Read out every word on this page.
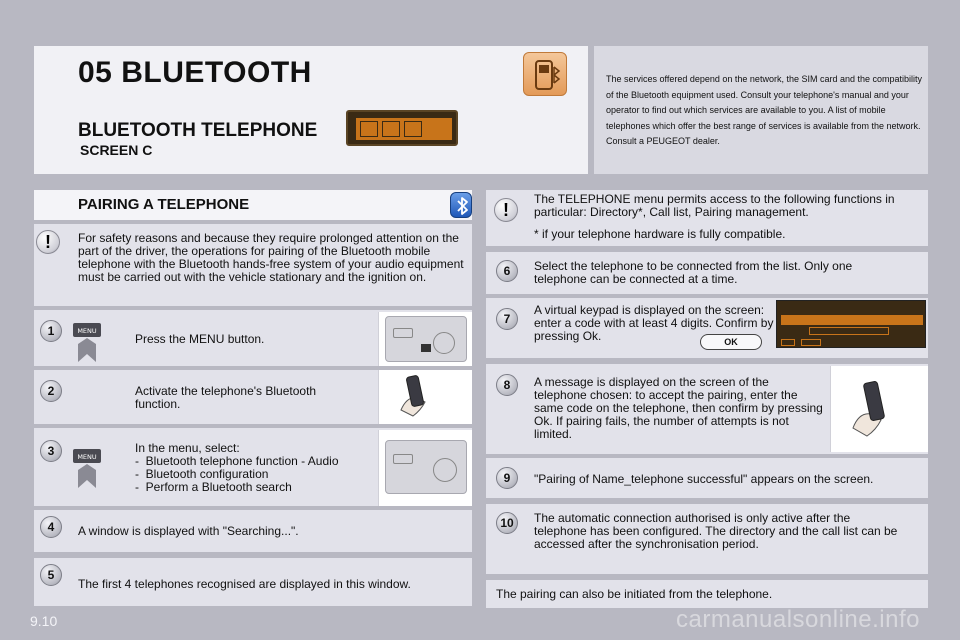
05 BLUETOOTH
BLUETOOTH TELEPHONE
SCREEN C
The services offered depend on the network, the SIM card and the compatibility of the Bluetooth equipment used. Consult your telephone's manual and your operator to find out which services are available to you. A list of mobile telephones which offer the best range of services is available from the network. Consult a PEUGEOT dealer.
PAIRING A TELEPHONE
!	For safety reasons and because they require prolonged attention on the part of the driver, the operations for pairing of the Bluetooth mobile telephone with the Bluetooth hands-free system of your audio equipment must be carried out with the vehicle stationary and the ignition on.
1	MENU
Press the MENU button.
2	Activate the telephone's Bluetooth function.
3	MENU
In the menu, select:
-  Bluetooth telephone function - Audio
-  Bluetooth configuration
-  Perform a Bluetooth search
4	A window is displayed with "Searching...".
5
The first 4 telephones recognised are displayed in this window.
!
The TELEPHONE menu permits access to the following functions in particular: Directory*, Call list, Pairing management.
* if your telephone hardware is fully compatible.
6	Select the telephone to be connected from the list. Only one telephone can be connected at a time.
7
A virtual keypad is displayed on the screen: enter a code with at least 4 digits. Confirm by pressing Ok.	OK
8	A message is displayed on the screen of the telephone chosen: to accept the pairing, enter the same code on the telephone, then confirm by pressing Ok. If pairing fails, the number of attempts is not limited.
9	"Pairing of Name_telephone successful" appears on the screen.
10	The automatic connection authorised is only active after the telephone has been configured. The directory and the call list can be accessed after the synchronisation period.
The pairing can also be initiated from the telephone.
9.10	carmanualsonline.info
